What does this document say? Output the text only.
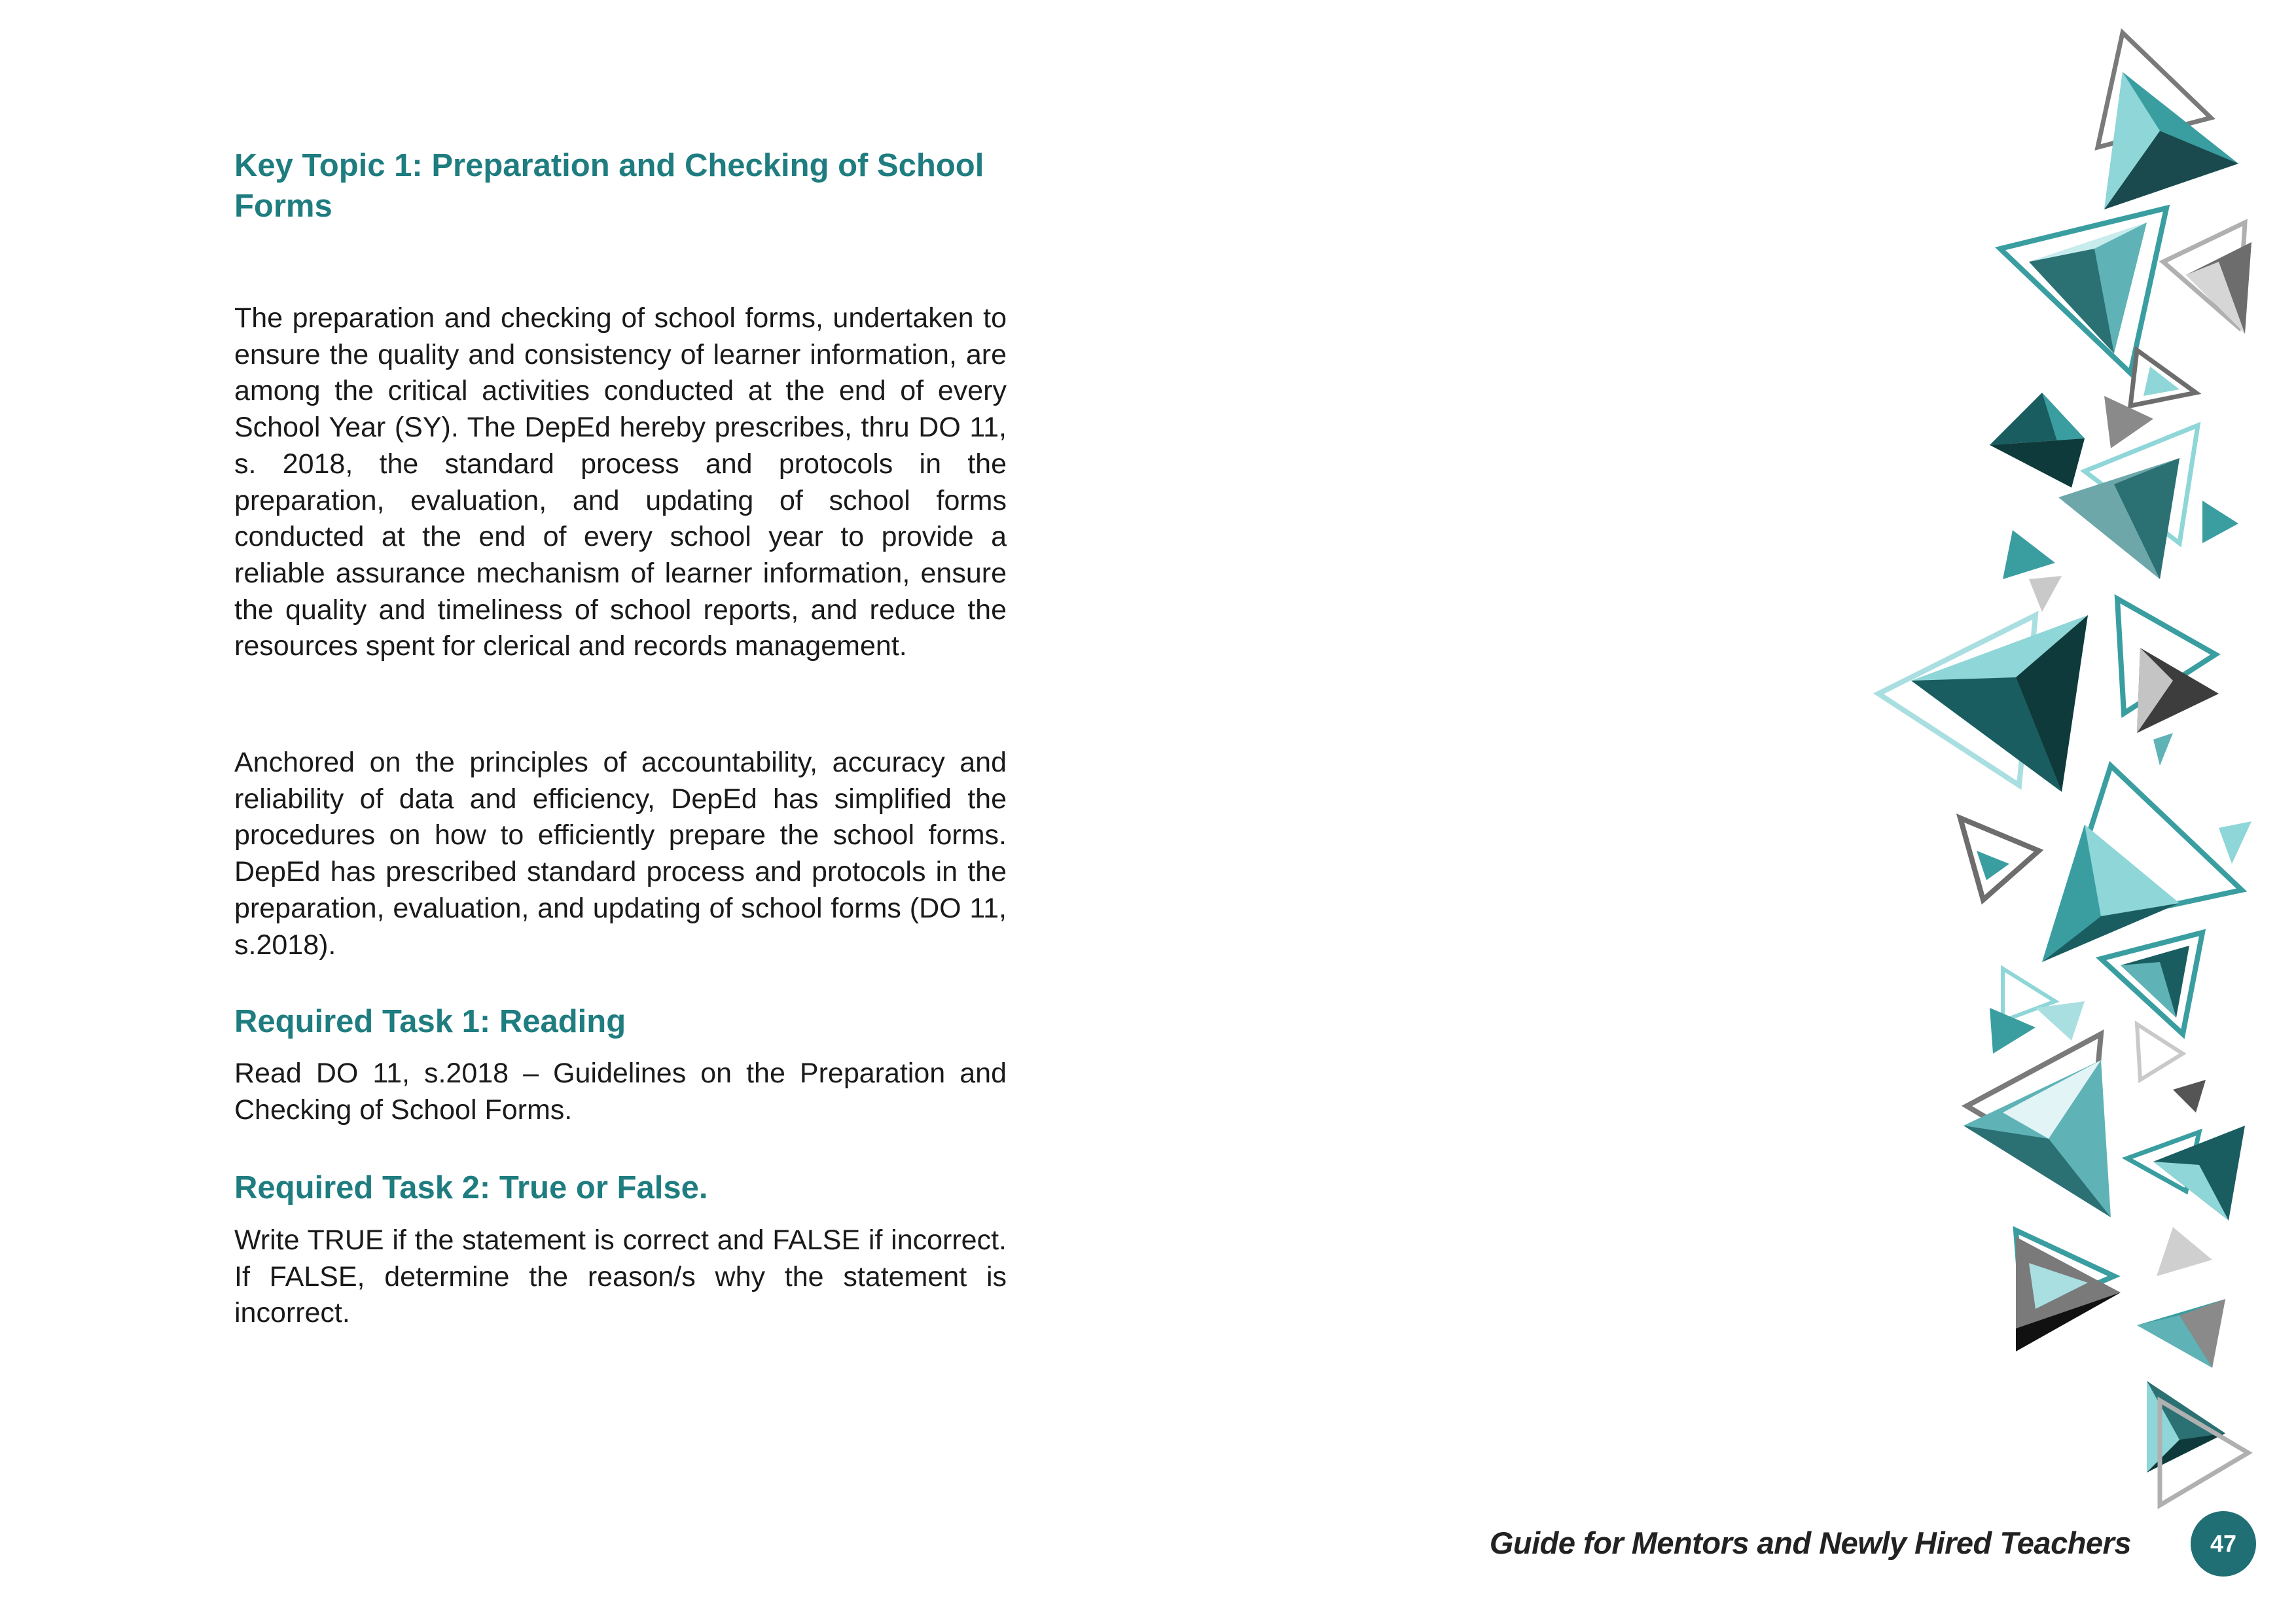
Key Topic 1: Preparation and Checking of School Forms

The preparation and checking of school forms, undertaken to ensure the quality and consistency of learner information, are among the critical activities conducted at the end of every School Year (SY). The DepEd hereby prescribes, thru DO 11, s. 2018, the standard process and protocols in the preparation, evaluation, and updating of school forms conducted at the end of every school year to provide a reliable assurance mechanism of learner information, ensure the quality and timeliness of school reports, and reduce the resources spent for clerical and records management.

Anchored on the principles of accountability, accuracy and reliability of data and efficiency, DepEd has simplified the procedures on how to efficiently prepare the school forms. DepEd has prescribed standard process and protocols in the preparation, evaluation, and updating of school forms (DO 11, s.2018).

Required Task 1: Reading

Read DO 11, s.2018 – Guidelines on the Preparation and Checking of School Forms.

Required Task 2: True or False.

Write TRUE if the statement is correct and FALSE if incorrect. If FALSE, determine the reason/s why the statement is incorrect.

Guide for Mentors and Newly Hired Teachers	47
